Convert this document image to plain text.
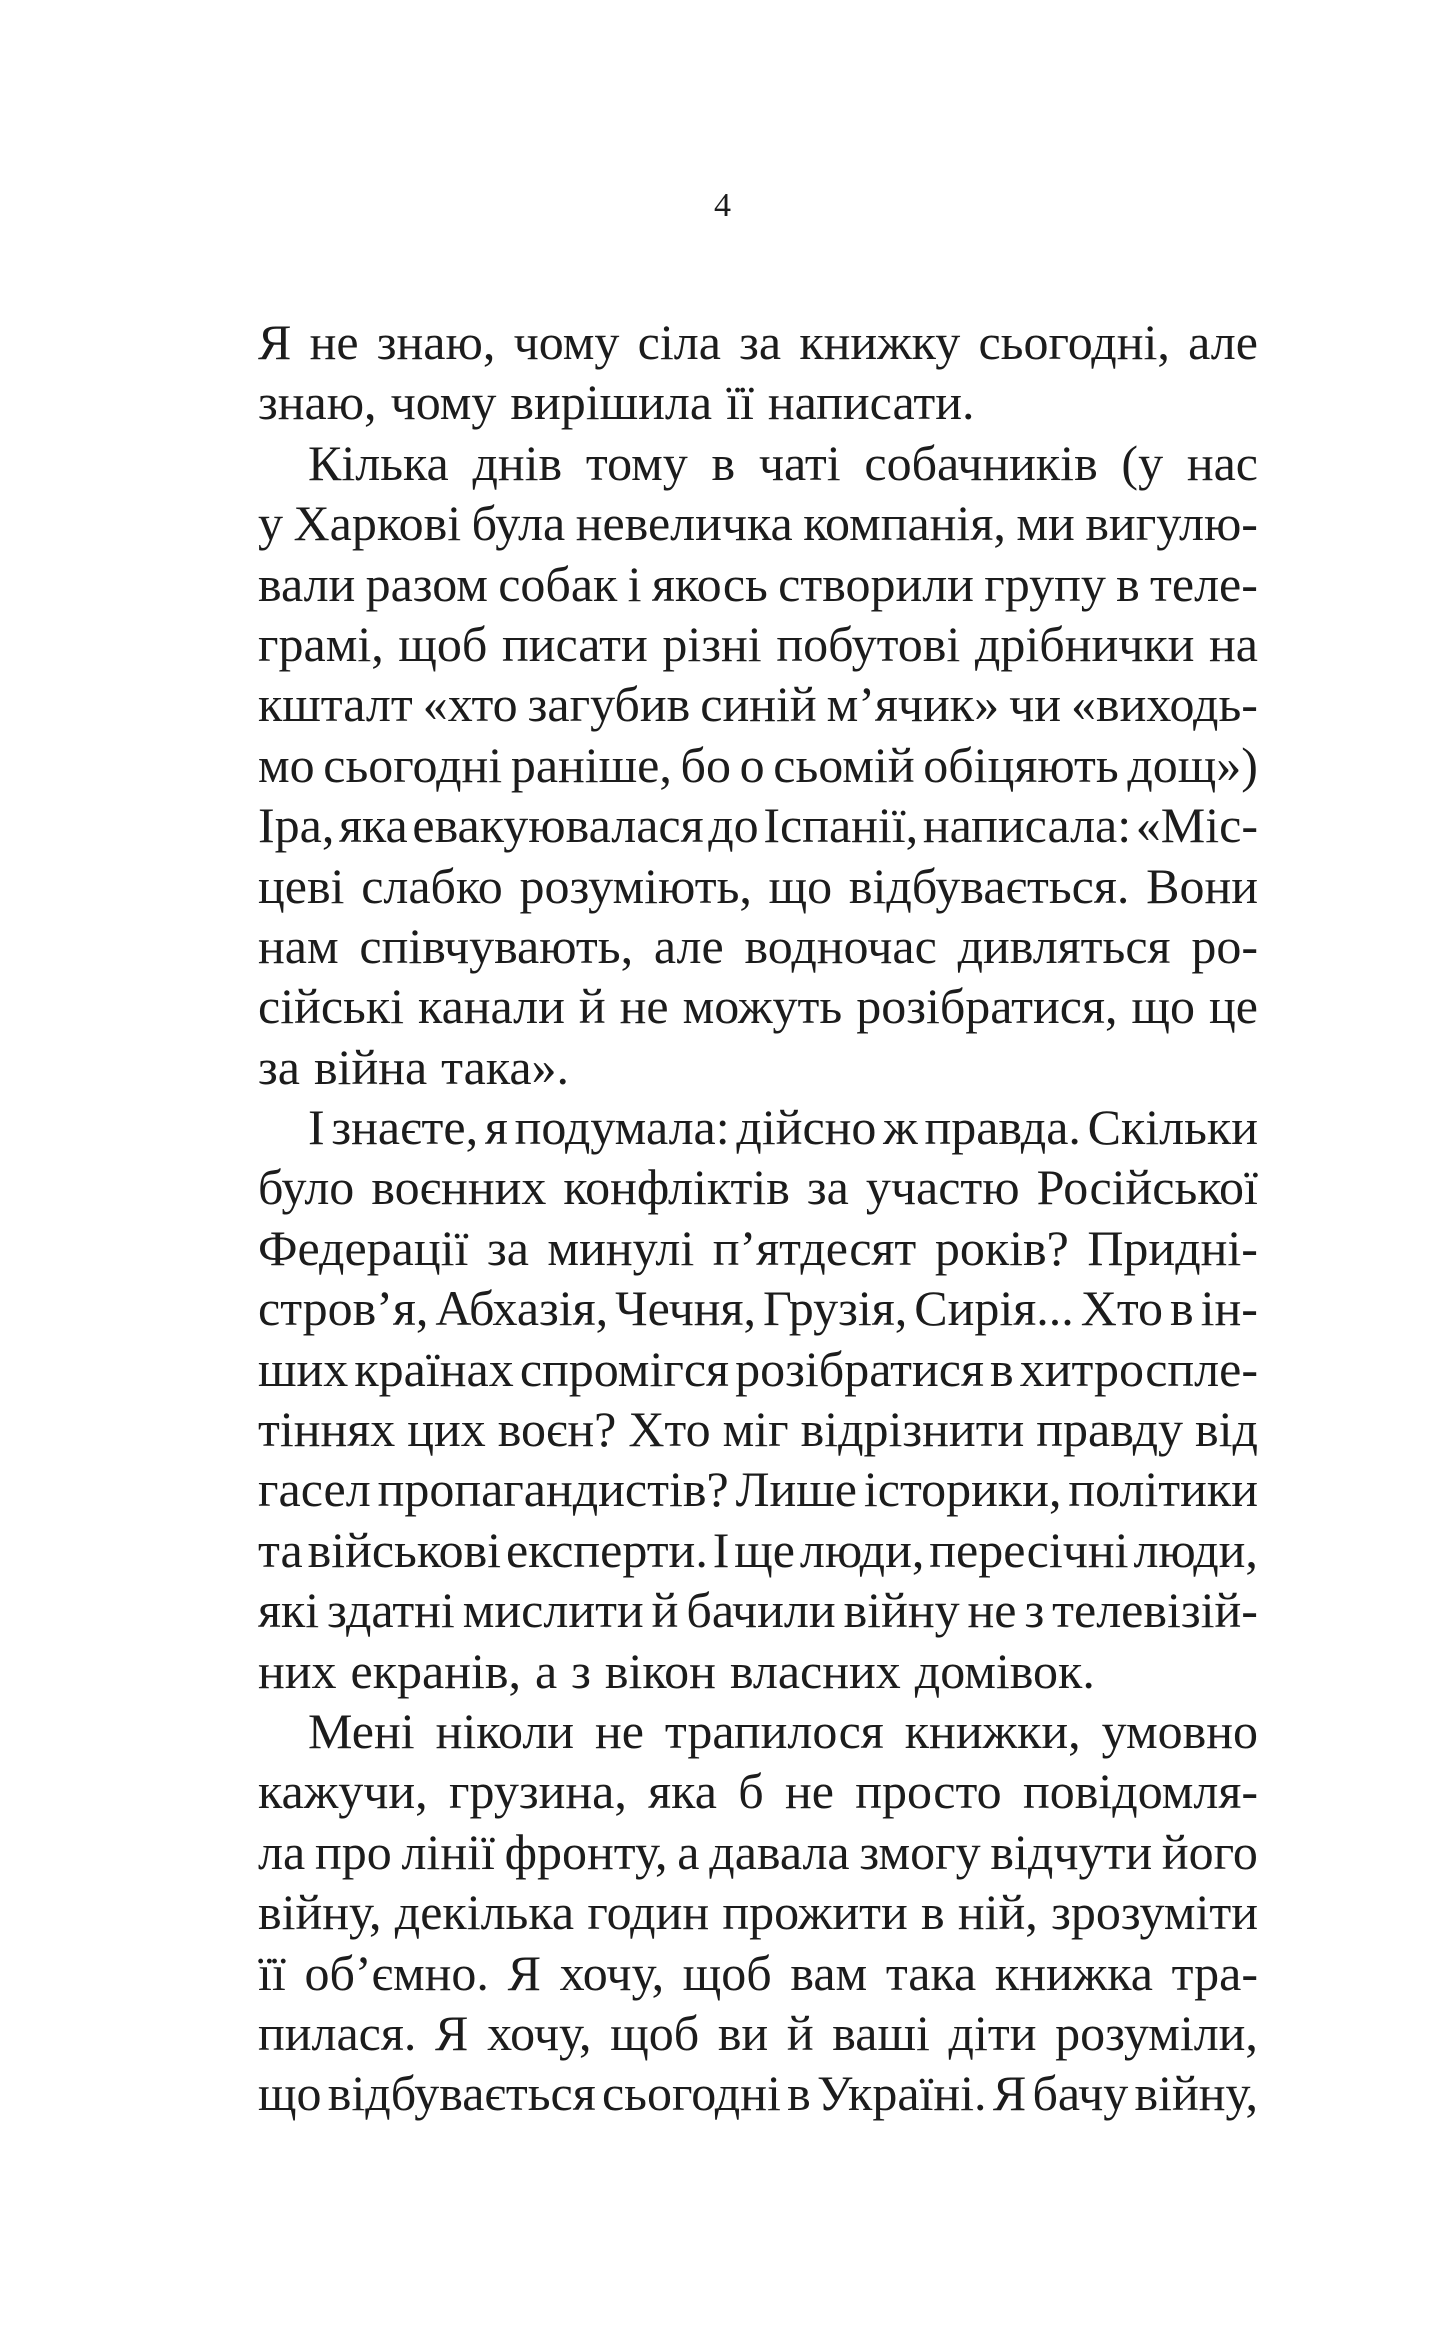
4
Я не знаю, чому сіла за книжку сьогодні, але
знаю, чому вирішила її написати.
Кілька днів тому в чаті собачників (у нас
у Харкові була невеличка компанія, ми вигулю-
вали разом собак і якось створили групу в теле-
грамі, щоб писати різні побутові дрібнички на
кшталт «хто загубив синій м’ячик» чи «виходь-
мо сьогодні раніше, бо о сьомій обіцяють дощ»)
Іра, яка евакуювалася до Іспанії, написала: «Міс-
цеві слабко розуміють, що відбувається. Вони
нам співчувають, але водночас дивляться ро-
сійські канали й не можуть розібратися, що це
за війна така».
І знаєте, я подумала: дійсно ж правда. Скільки
було воєнних конфліктів за участю Російської
Федерації за минулі п’ятдесят років? Придні-
стров’я, Абхазія, Чечня, Грузія, Сирія... Хто в ін-
ших країнах спромігся розібратися в хитроспле-
тіннях цих воєн? Хто міг відрізнити правду від
гасел пропагандистів? Лише історики, політики
та військові експерти. І ще люди, пересічні люди,
які здатні мислити й бачили війну не з телевізій-
них екранів, а з вікон власних домівок.
Мені ніколи не трапилося книжки, умовно
кажучи, грузина, яка б не просто повідомля-
ла про лінії фронту, а давала змогу відчути його
війну, декілька годин прожити в ній, зрозуміти
її об’ємно. Я хочу, щоб вам така книжка тра-
пилася. Я хочу, щоб ви й ваші діти розуміли,
що відбувається сьогодні в Україні. Я бачу війну,
